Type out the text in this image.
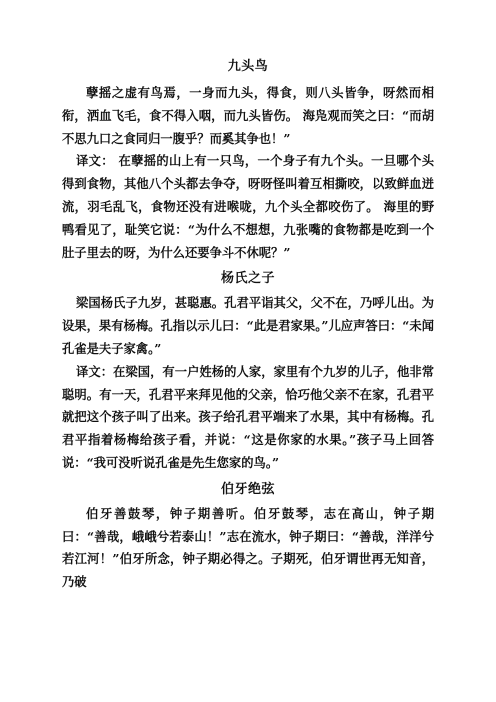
九头鸟

孽摇之虚有鸟焉，一身而九头，得食，则八头皆争，呀然而相衔，洒血飞毛，食不得入咽，而九头皆伤。 海凫观而笑之曰：“而胡不思九口之食同归一腹乎？而奚其争也！”

译文： 在孽摇的山上有一只鸟，一个身子有九个头。一旦哪个头得到食物，其他八个头都去争夺，呀呀怪叫着互相撕咬，以致鲜血迸流，羽毛乱飞，食物还没有进喉咙，九个头全都咬伤了。 海里的野鸭看见了，耻笑它说：“为什么不想想，九张嘴的食物都是吃到一个肚子里去的呀，为什么还要争斗不休呢？”

杨氏之子

梁国杨氏子九岁，甚聪惠。孔君平诣其父，父不在，乃呼儿出。为设果，果有杨梅。孔指以示儿曰：“此是君家果。”儿应声答曰：“未闻孔雀是夫子家禽。”

译文：在梁国，有一户姓杨的人家，家里有个九岁的儿子，他非常聪明。有一天，孔君平来拜见他的父亲，恰巧他父亲不在家，孔君平就把这个孩子叫了出来。孩子给孔君平端来了水果，其中有杨梅。孔君平指着杨梅给孩子看，并说：“这是你家的水果。”孩子马上回答说：“我可没听说孔雀是先生您家的鸟。”

伯牙绝弦

伯牙善鼓琴，钟子期善听。伯牙鼓琴，志在高山，钟子期曰：“善哉，峨峨兮若泰山！”志在流水，钟子期曰：“善哉，洋洋兮若江河！”伯牙所念，钟子期必得之。子期死，伯牙谓世再无知音，乃破
